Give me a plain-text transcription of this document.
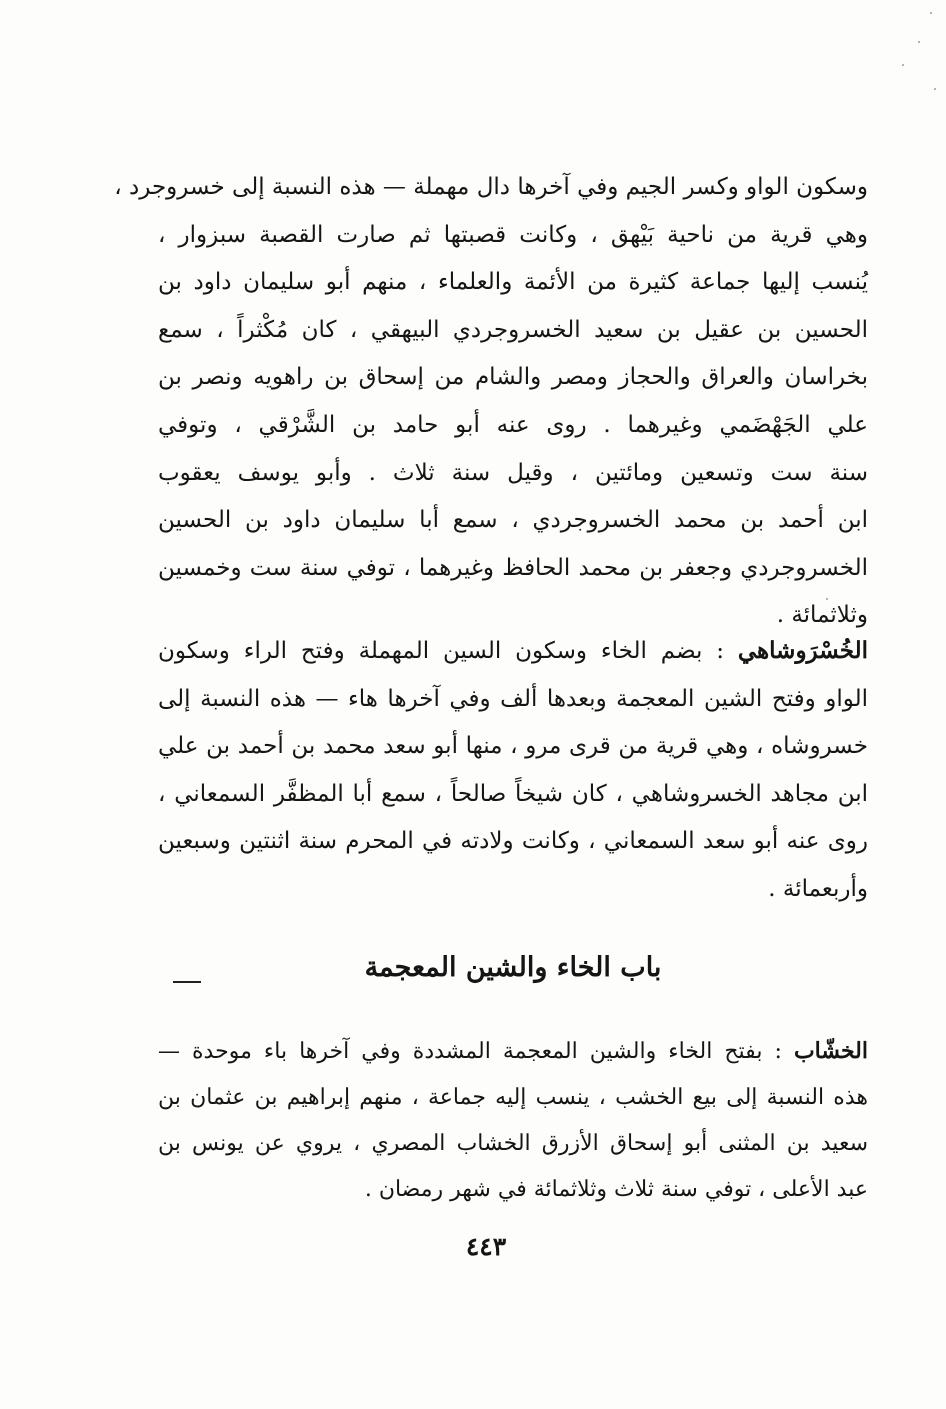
وسكون الواو وكسر الجيم وفي آخرها دال مهملة — هذه النسبة إلى خسروجرد ،
وهي قرية من ناحية بَيْهق ، وكانت قصبتها ثم صارت القصبة سبزوار ،
يُنسب إليها جماعة كثيرة من الأئمة والعلماء ، منهم أبو سليمان داود بن
الحسين بن عقيل بن سعيد الخسروجردي البيهقي ، كان مُكْثراً ، سمع
بخراسان والعراق والحجاز ومصر والشام من إسحاق بن راهويه ونصر بن
علي الجَهْضَمي وغيرهما . روى عنه أبو حامد بن الشَّرْقي ، وتوفي
سنة ست وتسعين ومائتين ، وقيل سنة ثلاث . وأبو يوسف يعقوب
ابن أحمد بن محمد الخسروجردي ، سمع أبا سليمان داود بن الحسين
الخسروجردي وجعفر بن محمد الحافظ وغيرهما ، توفي سنة ست وخمسين
وثلاثمائة .
الخُسْرَوشاهي : بضم الخاء وسكون السين المهملة وفتح الراء وسكون
الواو وفتح الشين المعجمة وبعدها ألف وفي آخرها هاء — هذه النسبة إلى
خسروشاه ، وهي قرية من قرى مرو ، منها أبو سعد محمد بن أحمد بن علي
ابن مجاهد الخسروشاهي ، كان شيخاً صالحاً ، سمع أبا المظفَّر السمعاني ،
روى عنه أبو سعد السمعاني ، وكانت ولادته في المحرم سنة اثنتين وسبعين
وأربعمائة .
باب الخاء والشين المعجمة
الخشّاب : بفتح الخاء والشين المعجمة المشددة وفي آخرها باء موحدة —
هذه النسبة إلى بيع الخشب ، ينسب إليه جماعة ، منهم إبراهيم بن عثمان بن
سعيد بن المثنى أبو إسحاق الأزرق الخشاب المصري ، يروي عن يونس بن
عبد الأعلى ، توفي سنة ثلاث وثلاثمائة في شهر رمضان .
٤٤٣
